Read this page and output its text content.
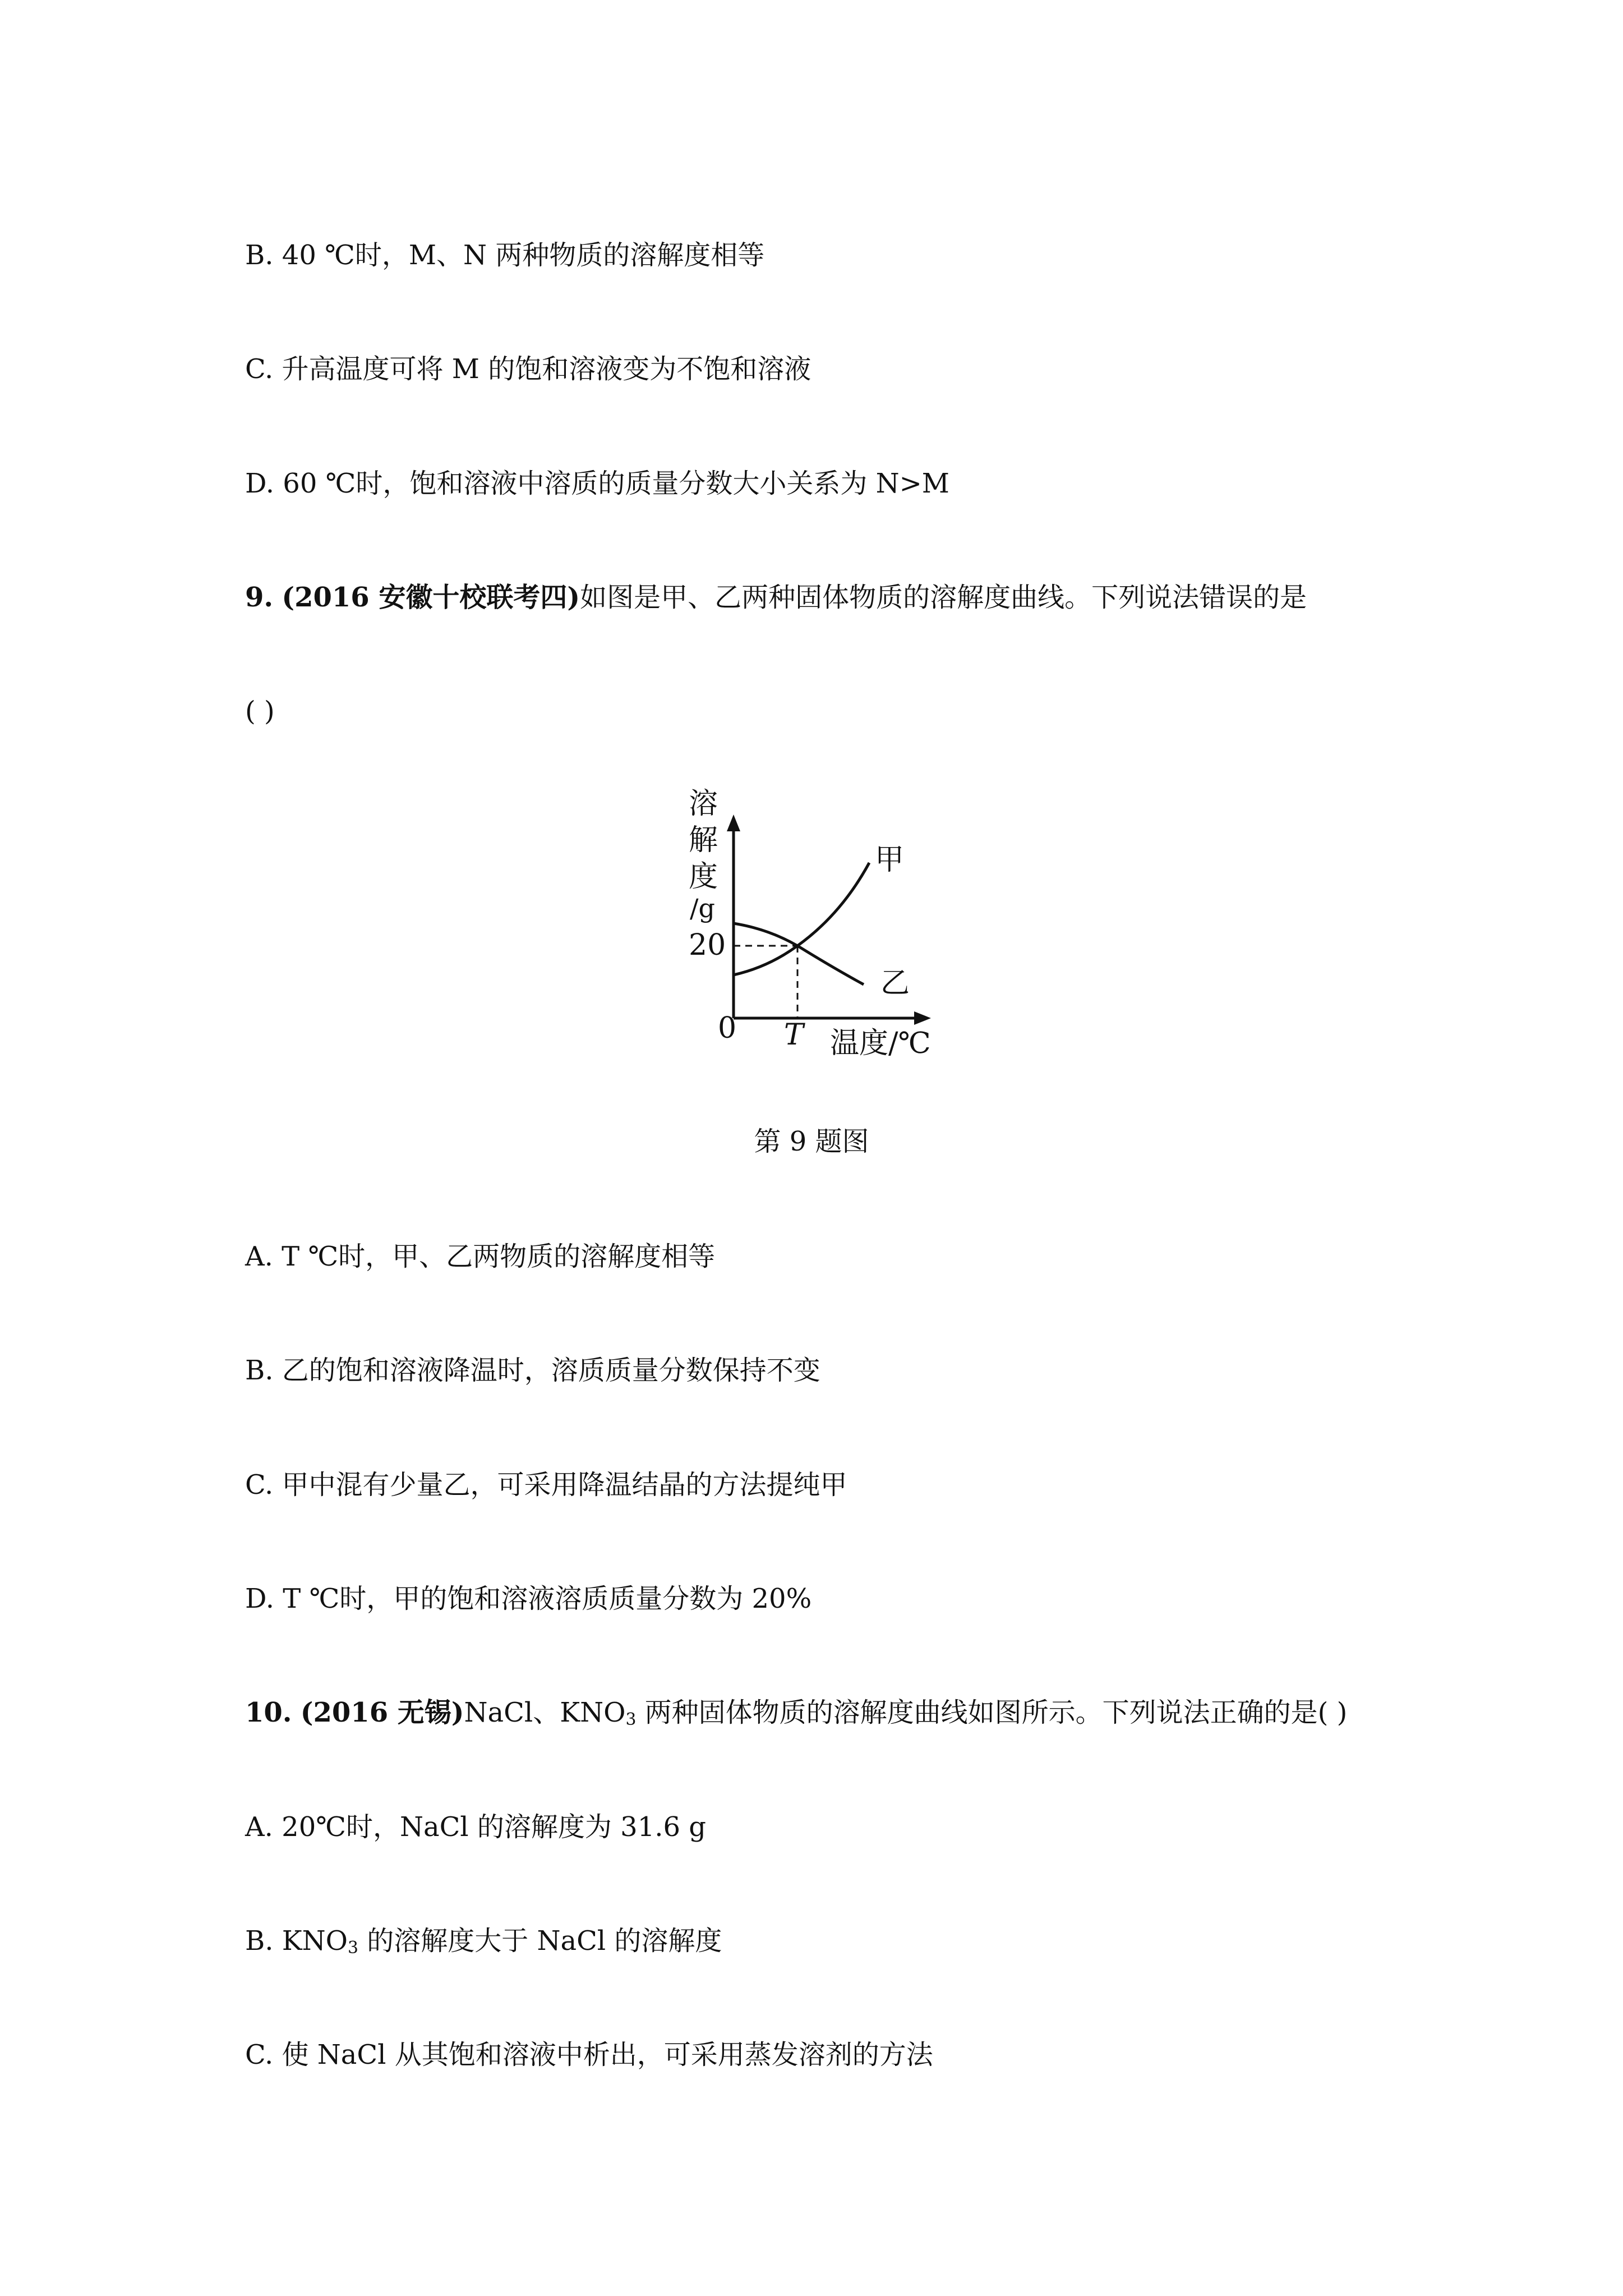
B. 40 ℃时，M、N 两种物质的溶解度相等
C. 升高温度可将 M 的饱和溶液变为不饱和溶液
D. 60 ℃时，饱和溶液中溶质的质量分数大小关系为 N>M
9. (2016 安徽十校联考四)如图是甲、乙两种固体物质的溶解度曲线。下列说法错误的是
( )
溶
解
度
/g
20
0 T 温度/℃
甲
乙
第 9 题图
A. T ℃时，甲、乙两物质的溶解度相等
B. 乙的饱和溶液降温时，溶质质量分数保持不变
C. 甲中混有少量乙，可采用降温结晶的方法提纯甲
D. T ℃时，甲的饱和溶液溶质质量分数为 20%
10. (2016 无锡)NaCl、$KNO_3$ 两种固体物质的溶解度曲线如图所示。下列说法正确的是( )
A. 20℃时，NaCl 的溶解度为 31.6 g
B. $KNO_3$ 的溶解度大于 NaCl 的溶解度
C. 使 NaCl 从其饱和溶液中析出，可采用蒸发溶剂的方法
